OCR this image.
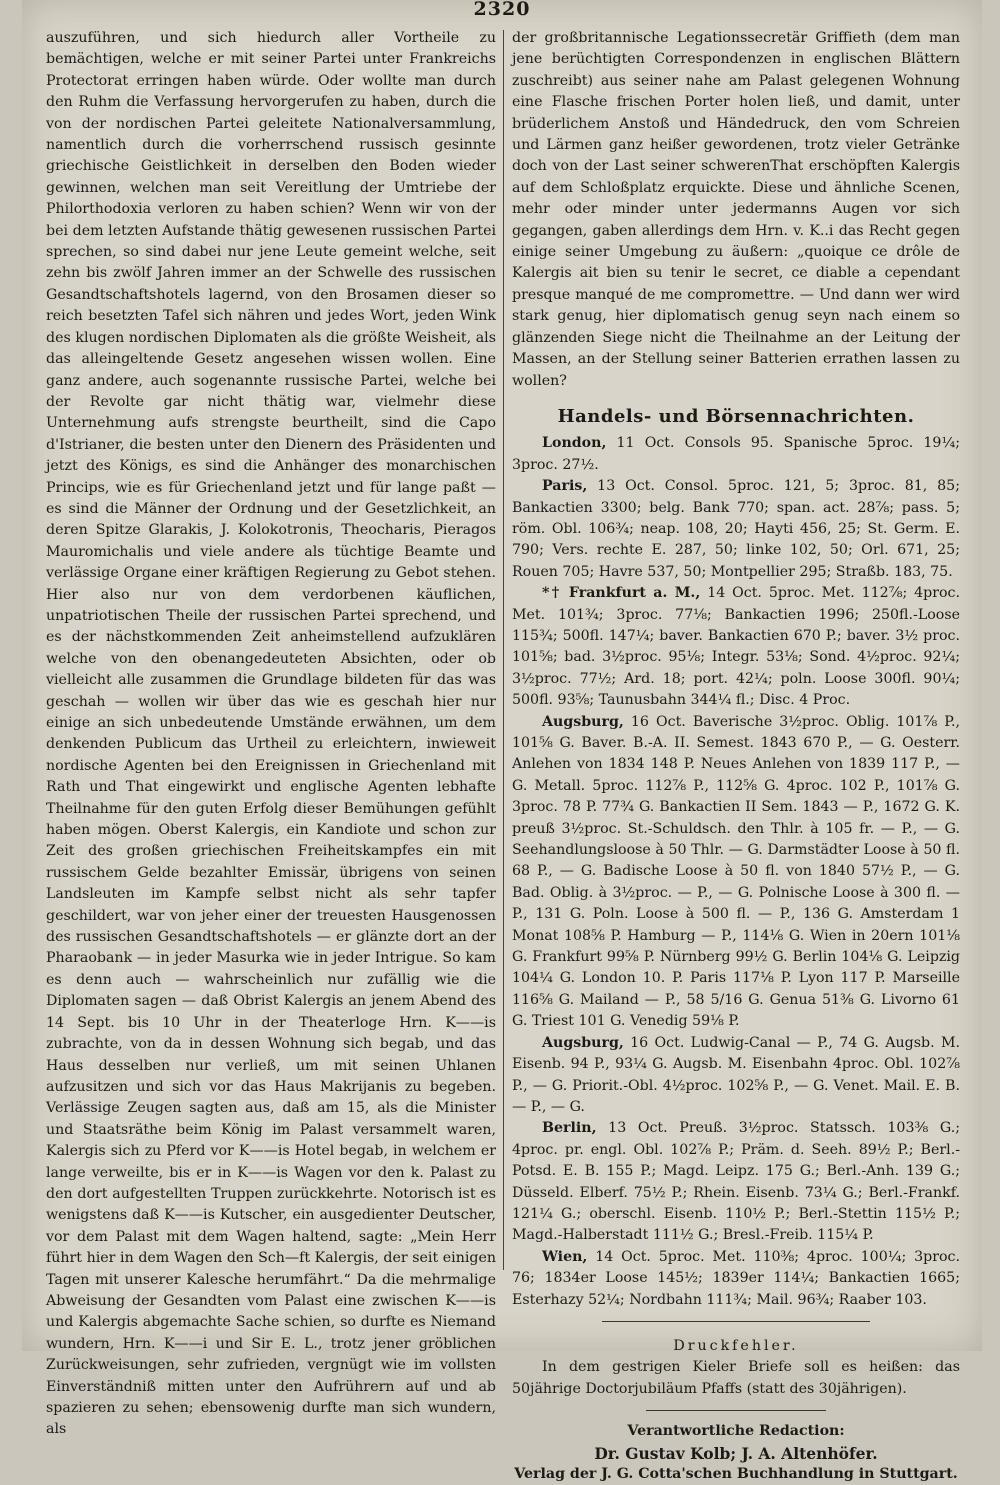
2320

auszuführen, und sich hiedurch aller Vortheile zu bemächtigen, welche er mit seiner Partei unter Frankreichs Protectorat erringen haben würde. Oder wollte man durch den Ruhm die Verfassung hervorgerufen zu haben, durch die von der nordischen Partei geleitete Nationalversammlung, namentlich durch die vorherrschend russisch gesinnte griechische Geistlichkeit in derselben den Boden wieder gewinnen, welchen man seit Vereitlung der Umtriebe der Philorthodoxia verloren zu haben schien? Wenn wir von der bei dem letzten Aufstande thätig gewesenen russischen Partei sprechen, so sind dabei nur jene Leute gemeint welche, seit zehn bis zwölf Jahren immer an der Schwelle des russischen Gesandtschaftshotels lagernd, von den Brosamen dieser so reich besetzten Tafel sich nähren und jedes Wort, jeden Wink des klugen nordischen Diplomaten als die größte Weisheit, als das alleingeltende Gesetz angesehen wissen wollen. Eine ganz andere, auch sogenannte russische Partei, welche bei der Revolte gar nicht thätig war, vielmehr diese Unternehmung aufs strengste beurtheilt, sind die Capo d'Istrianer, die besten unter den Dienern des Präsidenten und jetzt des Königs, es sind die Anhänger des monarchischen Princips, wie es für Griechenland jetzt und für lange paßt — es sind die Männer der Ordnung und der Gesetzlichkeit, an deren Spitze Glarakis, J. Kolokotronis, Theocharis, Pieragos Mauromichalis und viele andere als tüchtige Beamte und verlässige Organe einer kräftigen Regierung zu Gebot stehen. Hier also nur von dem verdorbenen käuflichen, unpatriotischen Theile der russischen Partei sprechend, und es der nächstkommenden Zeit anheimstellend aufzuklären welche von den obenangedeuteten Absichten, oder ob vielleicht alle zusammen die Grundlage bildeten für das was geschah — wollen wir über das wie es geschah hier nur einige an sich unbedeutende Umstände erwähnen, um dem denkenden Publicum das Urtheil zu erleichtern, inwieweit nordische Agenten bei den Ereignissen in Griechenland mit Rath und That eingewirkt und englische Agenten lebhafte Theilnahme für den guten Erfolg dieser Bemühungen gefühlt haben mögen. Oberst Kalergis, ein Kandiote und schon zur Zeit des großen griechischen Freiheitskampfes ein mit russischem Gelde bezahlter Emissär, übrigens von seinen Landsleuten im Kampfe selbst nicht als sehr tapfer geschildert, war von jeher einer der treuesten Hausgenossen des russischen Gesandtschaftshotels — er glänzte dort an der Pharaobank — in jeder Masurka wie in jeder Intrigue. So kam es denn auch — wahrscheinlich nur zufällig wie die Diplomaten sagen — daß Obrist Kalergis an jenem Abend des 14 Sept. bis 10 Uhr in der Theaterloge Hrn. K——is zubrachte, von da in dessen Wohnung sich begab, und das Haus desselben nur verließ, um mit seinen Uhlanen aufzusitzen und sich vor das Haus Makrijanis zu begeben. Verlässige Zeugen sagten aus, daß am 15, als die Minister und Staatsräthe beim König im Palast versammelt waren, Kalergis sich zu Pferd vor K——is Hotel begab, in welchem er lange verweilte, bis er in K——is Wagen vor den k. Palast zu den dort aufgestellten Truppen zurückkehrte. Notorisch ist es wenigstens daß K——is Kutscher, ein ausgedienter Deutscher, vor dem Palast mit dem Wagen haltend, sagte: „Mein Herr führt hier in dem Wagen den Sch—ft Kalergis, der seit einigen Tagen mit unserer Kalesche herumfährt.“ Da die mehrmalige Abweisung der Gesandten vom Palast eine zwischen K——is und Kalergis abgemachte Sache schien, so durfte es Niemand wundern, Hrn. K——i und Sir E. L., trotz jener gröblichen Zurückweisungen, sehr zufrieden, vergnügt wie im vollsten Einverständniß mitten unter den Aufrührern auf und ab spazieren zu sehen; ebensowenig durfte man sich wundern, als

der großbritannische Legationssecretär Griffieth (dem man jene berüchtigten Correspondenzen in englischen Blättern zuschreibt) aus seiner nahe am Palast gelegenen Wohnung eine Flasche frischen Porter holen ließ, und damit, unter brüderlichem Anstoß und Händedruck, den vom Schreien und Lärmen ganz heißer gewordenen, trotz vieler Getränke doch von der Last seiner schwerenThat erschöpften Kalergis auf dem Schloßplatz erquickte. Diese und ähnliche Scenen, mehr oder minder unter jedermanns Augen vor sich gegangen, gaben allerdings dem Hrn. v. K..i das Recht gegen einige seiner Umgebung zu äußern: „quoique ce drôle de Kalergis ait bien su tenir le secret, ce diable a cependant presque manqué de me compromettre. — Und dann wer wird stark genug, hier diplomatisch genug seyn nach einem so glänzenden Siege nicht die Theilnahme an der Leitung der Massen, an der Stellung seiner Batterien errathen lassen zu wollen?

Handels- und Börsennachrichten.

London, 11 Oct. Consols 95. Spanische 5proc. 19¼; 3proc. 27½.

Paris, 13 Oct. Consol. 5proc. 121, 5; 3proc. 81, 85; Bankactien 3300; belg. Bank 770; span. act. 28⅞; pass. 5; röm. Obl. 106¾; neap. 108, 20; Hayti 456, 25; St. Germ. E. 790; Vers. rechte E. 287, 50; linke 102, 50; Orl. 671, 25; Rouen 705; Havre 537, 50; Montpellier 295; Straßb. 183, 75.

*† Frankfurt a. M., 14 Oct. 5proc. Met. 112⅞; 4proc. Met. 101¾; 3proc. 77⅛; Bankactien 1996; 250fl.-Loose 115¾; 500fl. 147¼; baver. Bankactien 670 P.; baver. 3½ proc. 101⅝; bad. 3½proc. 95⅛; Integr. 53⅛; Sond. 4½proc. 92¼; 3½proc. 77½; Ard. 18; port. 42¼; poln. Loose 300fl. 90¼; 500fl. 93⅝; Taunusbahn 344¼ fl.; Disc. 4 Proc.

Augsburg, 16 Oct. Baverische 3½proc. Oblig. 101⅞ P., 101⅝ G. Baver. B.-A. II. Semest. 1843 670 P., — G. Oesterr. Anlehen von 1834 148 P. Neues Anlehen von 1839 117 P., — G. Metall. 5proc. 112⅞ P., 112⅝ G. 4proc. 102 P., 101⅞ G. 3proc. 78 P. 77¾ G. Bankactien II Sem. 1843 — P., 1672 G. K. preuß 3½proc. St.-Schuldsch. den Thlr. à 105 fr. — P., — G. Seehandlungsloose à 50 Thlr. — G. Darmstädter Loose à 50 fl. 68 P., — G. Badische Loose à 50 fl. von 1840 57½ P., — G. Bad. Oblig. à 3½proc. — P., — G. Polnische Loose à 300 fl. — P., 131 G. Poln. Loose à 500 fl. — P., 136 G. Amsterdam 1 Monat 108⅝ P. Hamburg — P., 114⅛ G. Wien in 20ern 101⅛ G. Frankfurt 99⅝ P. Nürnberg 99½ G. Berlin 104⅛ G. Leipzig 104¼ G. London 10. P. Paris 117⅛ P. Lyon 117 P. Marseille 116⅝ G. Mailand — P., 58 5/16 G. Genua 51⅜ G. Livorno 61 G. Triest 101 G. Venedig 59⅛ P.

Augsburg, 16 Oct. Ludwig-Canal — P., 74 G. Augsb. M. Eisenb. 94 P., 93¼ G. Augsb. M. Eisenbahn 4proc. Obl. 102⅞ P., — G. Priorit.-Obl. 4½proc. 102⅝ P., — G. Venet. Mail. E. B. — P., — G.

Berlin, 13 Oct. Preuß. 3½proc. Statssch. 103⅜ G.; 4proc. pr. engl. Obl. 102⅞ P.; Präm. d. Seeh. 89½ P.; Berl.-Potsd. E. B. 155 P.; Magd. Leipz. 175 G.; Berl.-Anh. 139 G.; Düsseld. Elberf. 75½ P.; Rhein. Eisenb. 73¼ G.; Berl.-Frankf. 121¼ G.; oberschl. Eisenb. 110½ P.; Berl.-Stettin 115½ P.; Magd.-Halberstadt 111½ G.; Bresl.-Freib. 115¼ P.

Wien, 14 Oct. 5proc. Met. 110⅜; 4proc. 100¼; 3proc. 76; 1834er Loose 145½; 1839er 114¼; Bankactien 1665; Esterhazy 52¼; Nordbahn 111¾; Mail. 96¾; Raaber 103.

Druckfehler.

In dem gestrigen Kieler Briefe soll es heißen: das 50jährige Doctorjubiläum Pfaffs (statt des 30jährigen).

Verantwortliche Redaction:
Dr. Gustav Kolb; J. A. Altenhöfer.
Verlag der J. G. Cotta'schen Buchhandlung in Stuttgart.
